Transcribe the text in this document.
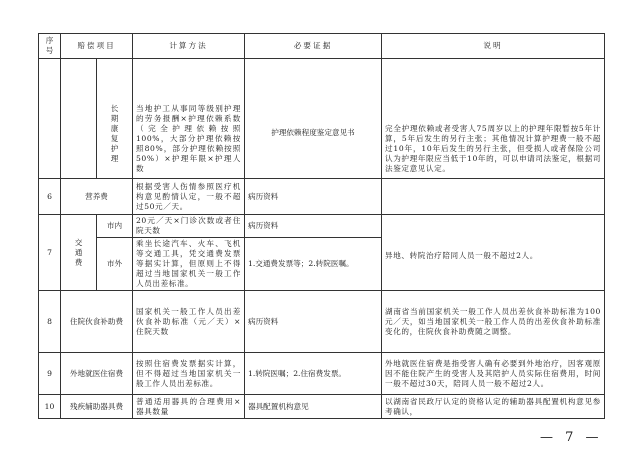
序号	赔偿项目		计算方法	必要证据	说明

		长期康复护理	当地护工从事同等级别护理的劳务报酬×护理依赖系数（完全护理依赖按照100%，大部分护理依赖按照80%，部分护理依赖按照50%）×护理年限×护理人数	护理依赖程度鉴定意见书	完全护理依赖或者受害人75周岁以上的护理年限暂按5年计算，5年后发生的另行主张；其他情况计算护理费一般不超过10年，10年后发生的另行主张，但受损人或者保险公司认为护理年限应当低于10年的，可以申请司法鉴定，根据司法鉴定意见认定。
6	营养费		根据受害人伤情参照医疗机构意见酌情认定，一般不超过50元／天。	病历资料	
7	交通费	市内	20元／天×门诊次数或者住院天数	病历资料	异地、转院治疗陪同人员一般不超过2人。
		市外	乘坐长途汽车、火车、飞机等交通工具，凭交通费发票等据实计算，但原则上不得超过当地国家机关一般工作人员出差标准。	1.交通费发票等；2.转院医嘱。	
8	住院伙食补助费		国家机关一般工作人员出差伙食补助标准（元／天）×住院天数	病历资料	湖南省当前国家机关一般工作人员出差伙食补助标准为100元／天，如当地国家机关一般工作人员的出差伙食补助标准变化的，住院伙食补助费随之调整。
9	外地就医住宿费		按照住宿费发票据实计算，但不得超过当地国家机关一般工作人员出差标准。	1.转院医嘱；2.住宿费发票。	外地就医住宿费是指受害人确有必要到外地治疗，因客观原因不能住院产生的受害人及其陪护人员实际住宿费用，时间一般不超过30天，陪同人员一般不超过2人。
10	残疾辅助器具费		普通适用器具的合理费用×器具数量	器具配置机构意见	以湖南省民政厅认定的资格认定的辅助器具配置机构意见参考确认，
— 7 —
